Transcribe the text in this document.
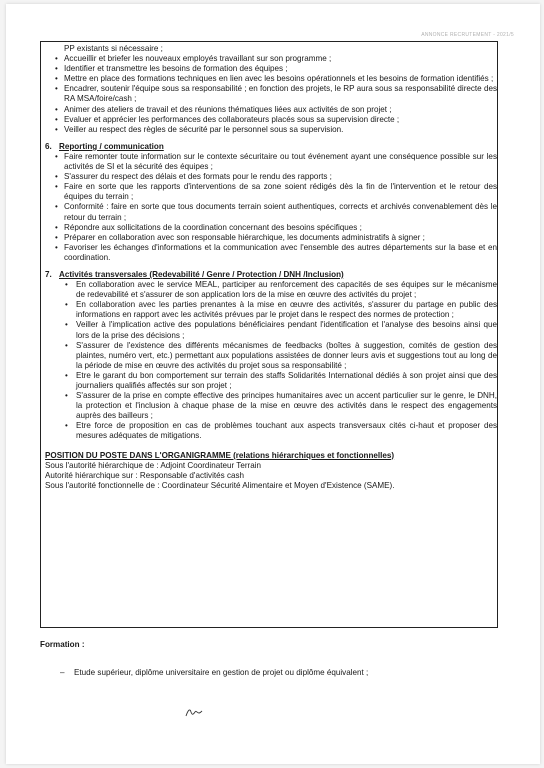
ANNONCE RECRUTEMENT - 2021/5
PP existants si nécessaire ;
• Accueillir et briefer les nouveaux employés travaillant sur son programme ;
• Identifier et transmettre les besoins de formation des équipes ;
• Mettre en place des formations techniques en lien avec les besoins opérationnels et les besoins de formation identifiés ;
• Encadrer, soutenir l'équipe sous sa responsabilité ; en fonction des projets, le RP aura sous sa responsabilité directe des RA MSA/foire/cash ;
• Animer des ateliers de travail et des réunions thématiques liées aux activités de son projet ;
• Evaluer et apprécier les performances des collaborateurs placés sous sa supervision directe ;
• Veiller au respect des règles de sécurité par le personnel sous sa supervision.
6. Reporting / communication
• Faire remonter toute information sur le contexte sécuritaire ou tout événement ayant une conséquence possible sur les activités de SI et la sécurité des équipes ;
• S'assurer du respect des délais et des formats pour le rendu des rapports ;
• Faire en sorte que les rapports d'interventions de sa zone soient rédigés dès la fin de l'intervention et le retour des équipes du terrain ;
• Conformité : faire en sorte que tous documents terrain soient authentiques, corrects et archivés convenablement dès le retour du terrain ;
• Répondre aux sollicitations de la coordination concernant des besoins spécifiques ;
• Préparer en collaboration avec son responsable hiérarchique, les documents administratifs à signer ;
• Favoriser les échanges d'informations et la communication avec l'ensemble des autres départements sur la base et en coordination.
7. Activités transversales (Redevabilité / Genre / Protection / DNH /Inclusion)
• En collaboration avec le service MEAL, participer au renforcement des capacités de ses équipes sur le mécanisme de redevabilité et s'assurer de son application lors de la mise en œuvre des activités du projet ;
• En collaboration avec les parties prenantes à la mise en œuvre des activités, s'assurer du partage en public des informations en rapport avec les activités prévues par le projet dans le respect des normes de protection ;
• Veiller à l'implication active des populations bénéficiaires pendant l'identification et l'analyse des besoins ainsi que lors de la prise des décisions ;
• S'assurer de l'existence des différents mécanismes de feedbacks (boîtes à suggestion, comités de gestion des plaintes, numéro vert, etc.) permettant aux populations assistées de donner leurs avis et suggestions tout au long de la période de mise en œuvre des activités du projet sous sa responsabilité ;
• Etre le garant du bon comportement sur terrain des staffs Solidarités International dédiés à son projet ainsi que des journaliers qualifiés affectés sur son projet ;
• S'assurer de la prise en compte effective des principes humanitaires avec un accent particulier sur le genre, le DNH, la protection et l'inclusion à chaque phase de la mise en œuvre des activités dans le respect des engagements auprès des bailleurs ;
• Etre force de proposition en cas de problèmes touchant aux aspects transversaux cités ci-haut et proposer des mesures adéquates de mitigations.
POSITION DU POSTE DANS L'ORGANIGRAMME (relations hiérarchiques et fonctionnelles)

Sous l'autorité hiérarchique de : Adjoint Coordinateur Terrain

Autorité hiérarchique sur : Responsable d'activités cash

Sous l'autorité fonctionnelle de : Coordinateur Sécurité Alimentaire et Moyen d'Existence (SAME).

Formation :
– Etude supérieur, diplôme universitaire en gestion de projet ou diplôme équivalent ;
